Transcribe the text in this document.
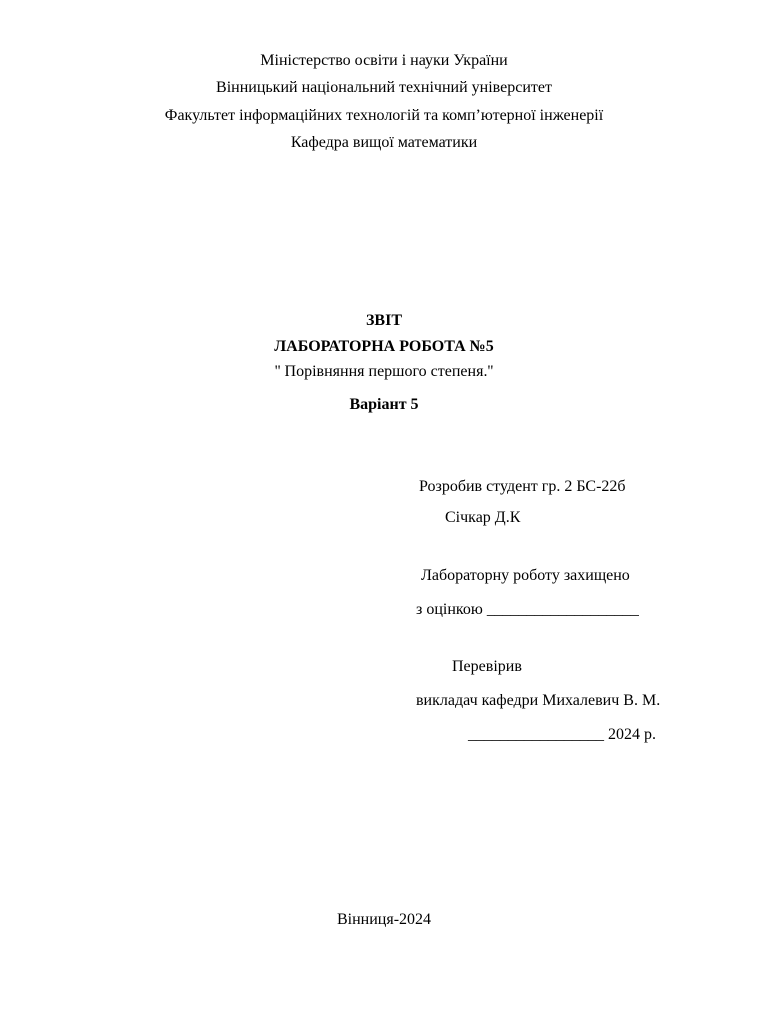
Міністерство освіти і науки України
Вінницький національний технічний університет
Факультет інформаційних технологій та комп’ютерної інженерії
Кафедра вищої математики
ЗВІТ
ЛАБОРАТОРНА РОБОТА №5
'' Порівняння першого степеня.''
Варіант 5
Розробив студент гр. 2 БС-22б
Січкар Д.К
Лабораторну роботу захищено
з оцінкою ___________________
Перевірив
викладач кафедри Михалевич В. М.
_________________ 2024 р.
Вінниця-2024
